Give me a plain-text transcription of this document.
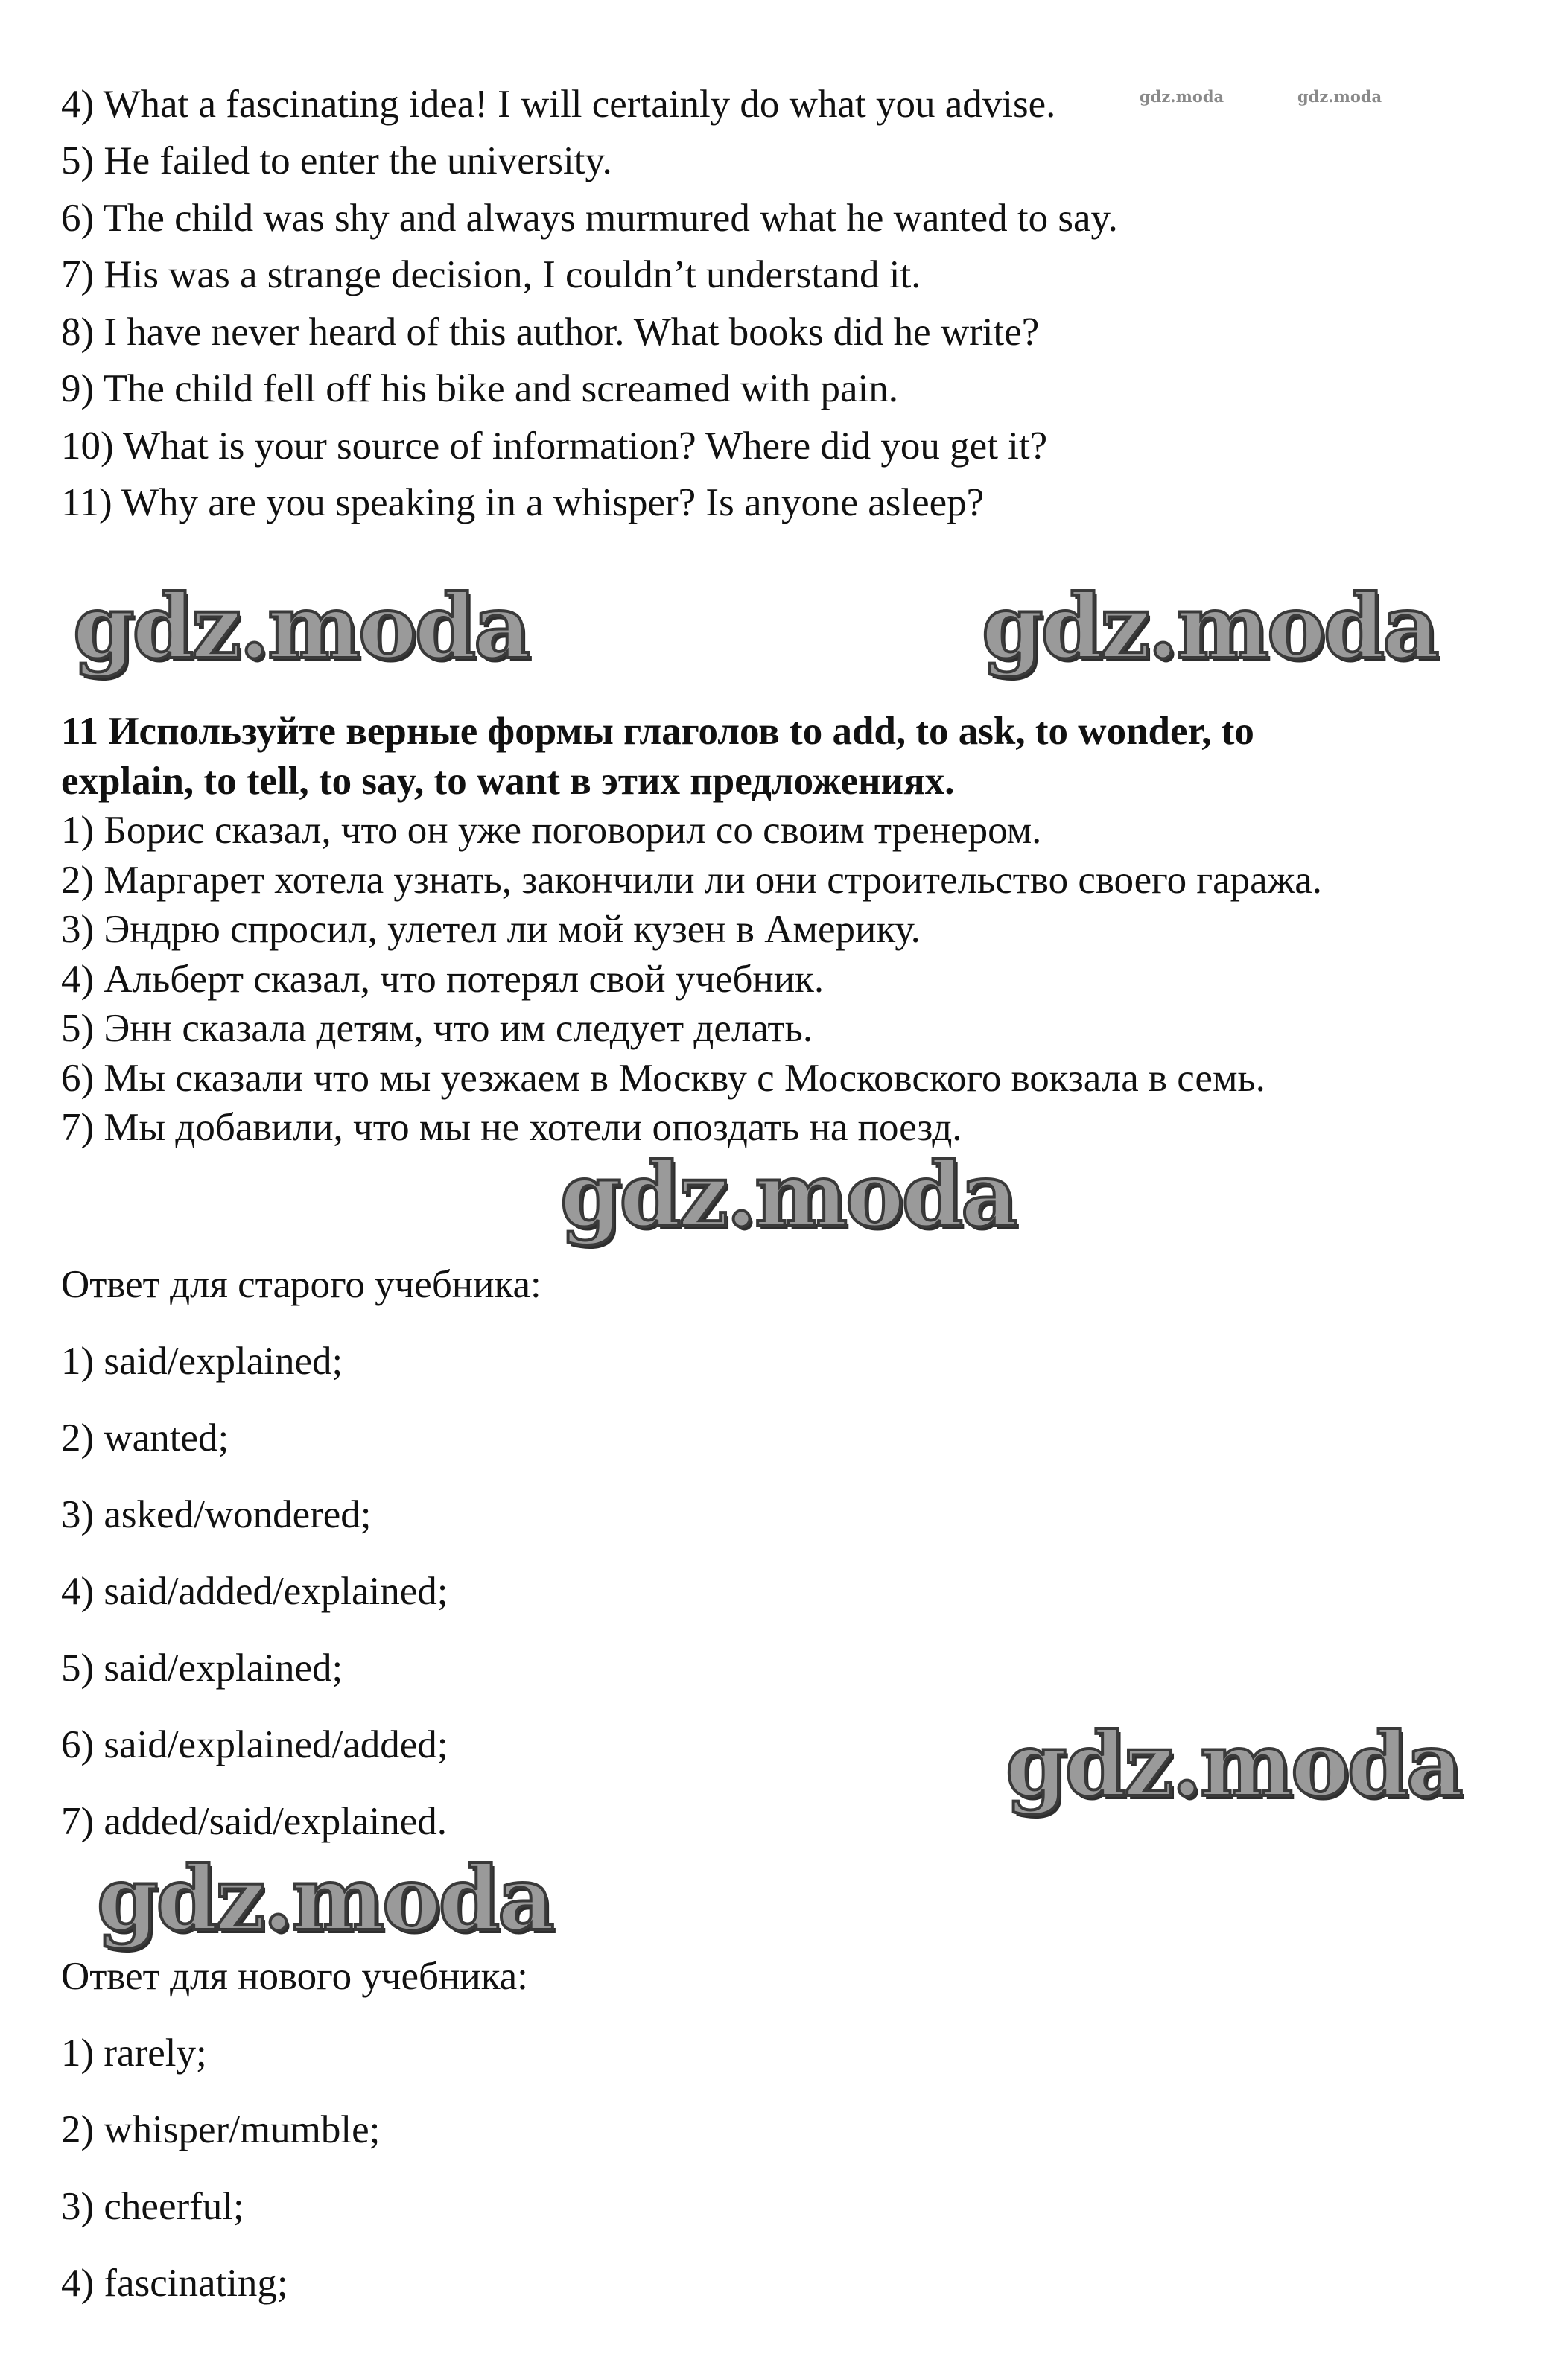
gdz.moda	gdz.moda
4) What a fascinating idea! I will certainly do what you advise.
5) He failed to enter the university.
6) The child was shy and always murmured what he wanted to say.
7) His was a strange decision, I couldn’t understand it.
8) I have never heard of this author. What books did he write?
9) The child fell off his bike and screamed with pain.
10) What is your source of information? Where did you get it?
11) Why are you speaking in a whisper? Is anyone asleep?
gdz.moda	gdz.moda
11 Используйте верные формы глаголов to add, to ask, to wonder, to
explain, to tell, to say, to want в этих предложениях.
1) Борис сказал, что он уже поговорил со своим тренером.
2) Маргарет хотела узнать, закончили ли они строительство своего гаража.
3) Эндрю спросил, улетел ли мой кузен в Америку.
4) Альберт сказал, что потерял свой учебник.
5) Энн сказала детям, что им следует делать.
6) Мы сказали что мы уезжаем в Москву с Московского вокзала в семь.
7) Мы добавили, что мы не хотели опоздать на поезд.
gdz.moda
Ответ для старого учебника:
1) said/explained;
2) wanted;
3) asked/wondered;
4) said/added/explained;
5) said/explained;
6) said/explained/added;
7) added/said/explained.
gdz.moda
gdz.moda
Ответ для нового учебника:
1) rarely;
2) whisper/mumble;
3) cheerful;
4) fascinating;
